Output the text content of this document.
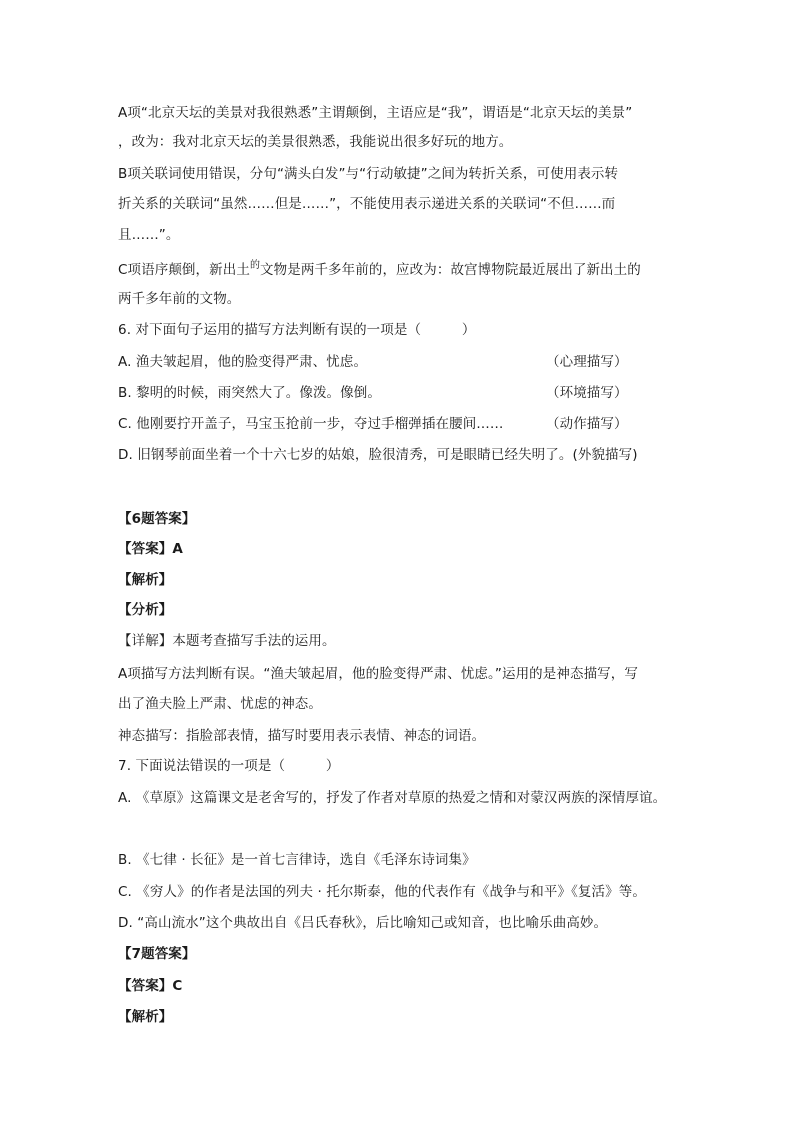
A项“北京天坛的美景对我很熟悉”主谓颠倒，主语应是“我”，谓语是“北京天坛的美景”
，改为：我对北京天坛的美景很熟悉，我能说出很多好玩的地方。
B项关联词使用错误，分句“满头白发”与“行动敏捷”之间为转折关系，可使用表示转
折关系的关联词“虽然……但是……”，不能使用表示递进关系的关联词“不但……而
且……”。
C项语序颠倒，新出土$^的$文物是两千多年前的，应改为：故宫博物院最近展出了新出土的
两千多年前的文物。
6. 对下面句子运用的描写方法判断有误的一项是（　　　）
A. 渔夫皱起眉，他的脸变得严肃、忧虑。	（心理描写）
B. 黎明的时候，雨突然大了。像泼。像倒。	（环境描写）
C. 他刚要拧开盖子，马宝玉抢前一步，夺过手榴弹插在腰间……	（动作描写）
D. 旧钢琴前面坐着一个十六七岁的姑娘，脸很清秀，可是眼睛已经失明了。(外貌描写)
【6题答案】
【答案】A
【解析】
【分析】
【详解】本题考查描写手法的运用。
A项描写方法判断有误。“渔夫皱起眉，他的脸变得严肃、忧虑。”运用的是神态描写，写
出了渔夫脸上严肃、忧虑的神态。
神态描写：指脸部表情，描写时要用表示表情、神态的词语。
7. 下面说法错误的一项是（　　　）
A. 《草原》这篇课文是老舍写的，抒发了作者对草原的热爱之情和对蒙汉两族的深情厚谊。
B. 《七律 · 长征》是一首七言律诗，选自《毛泽东诗词集》
C. 《穷人》的作者是法国的列夫 · 托尔斯泰，他的代表作有《战争与和平》《复活》等。
D. “高山流水”这个典故出自《吕氏春秋》，后比喻知己或知音，也比喻乐曲高妙。
【7题答案】
【答案】C
【解析】
